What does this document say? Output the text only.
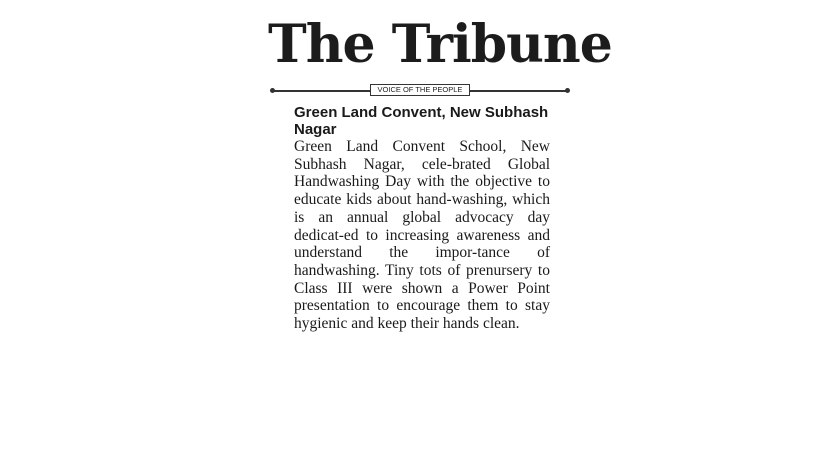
The Tribune
VOICE OF THE PEOPLE
Green Land Convent, New Subhash Nagar

Green Land Convent School, New Subhash Nagar, cele-brated Global Handwashing Day with the objective to educate kids about hand-washing, which is an annual global advocacy day dedicat-ed to increasing awareness and understand the impor-tance of handwashing. Tiny tots of prenursery to Class III were shown a Power Point presentation to encourage them to stay hygienic and keep their hands clean.
